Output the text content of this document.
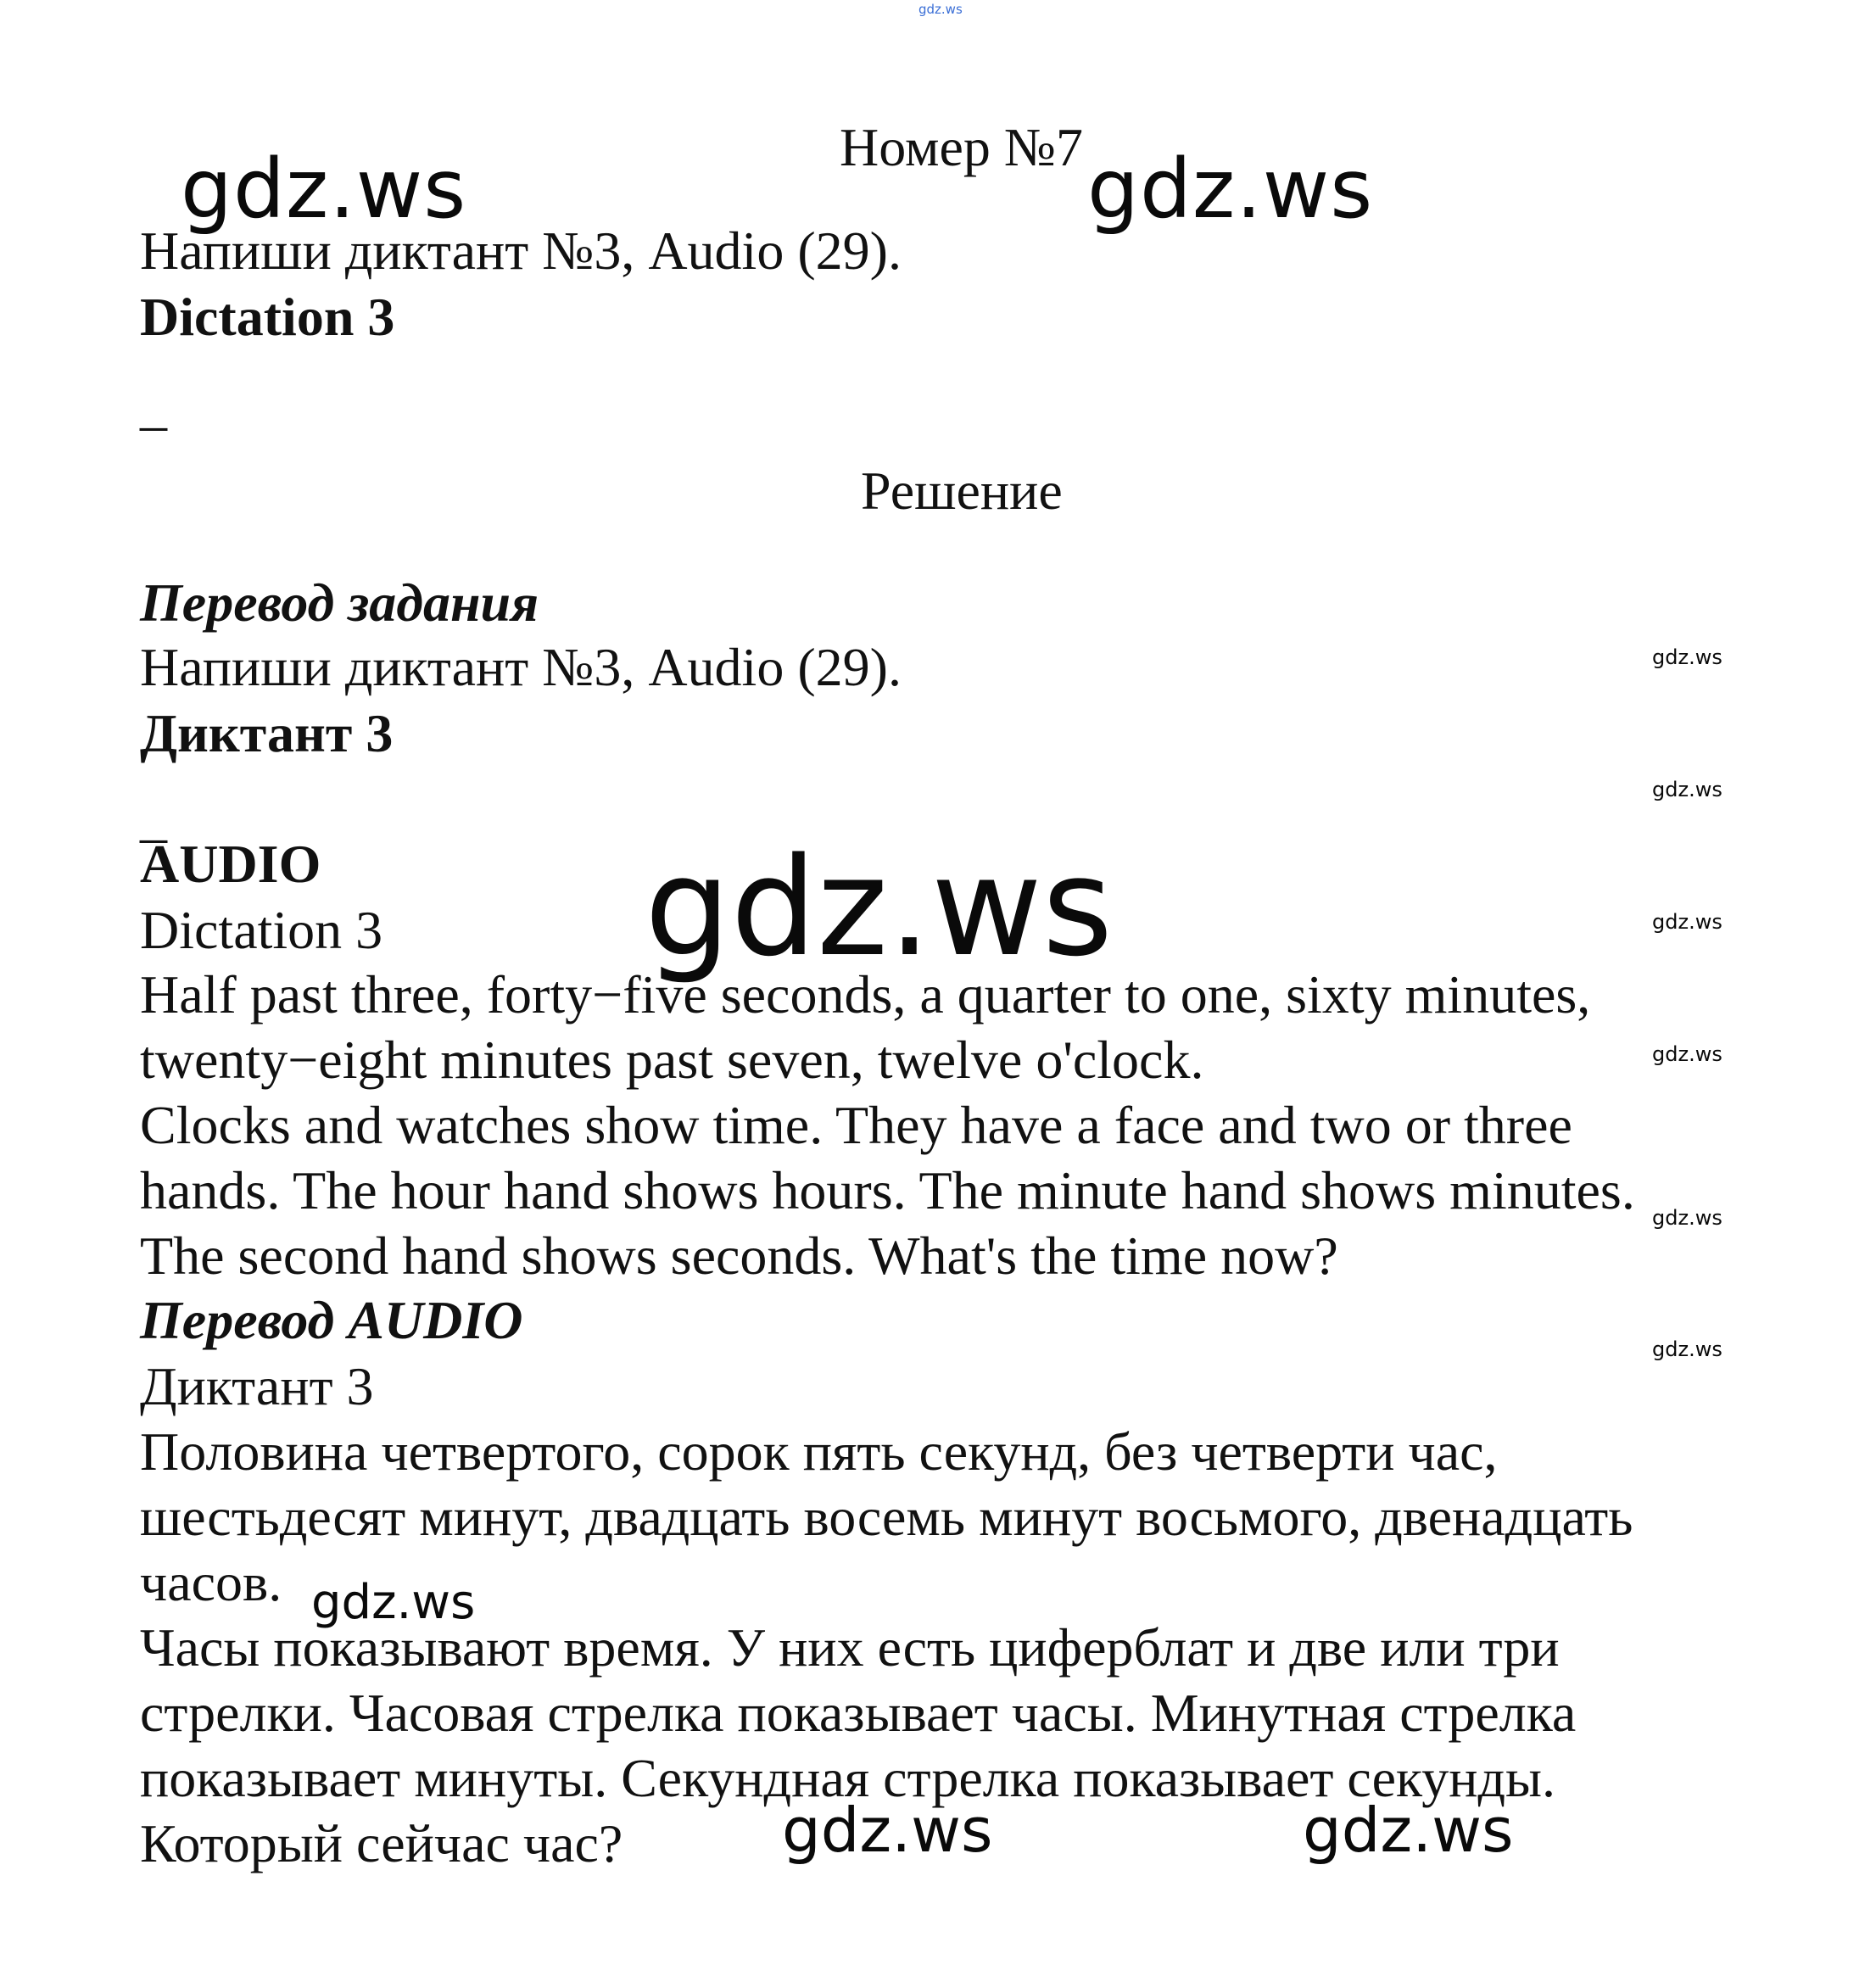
gdz.ws
Номер №7
gdz.ws	gdz.ws
Напиши диктант №3, Audio (29).
Dictation 3
_
Решение
Перевод задания
Напиши диктант №3, Audio (29).	gdz.ws
Диктант 3
gdz.ws
_
AUDIO gdz.ws
Dictation 3	gdz.ws
Half past three, forty−five seconds, a quarter to one, sixty minutes,
twenty−eight minutes past seven, twelve o'clock.	gdz.ws
Clocks and watches show time. They have a face and two or three
hands. The hour hand shows hours. The minute hand shows minutes. gdz.ws
The second hand shows seconds. What's the time now?
Перевод AUDIO	gdz.ws
Диктант 3
Половина четвертого, сорок пять секунд, без четверти час,
шестьдесят минут, двадцать восемь минут восьмого, двенадцать
часов. gdz.ws
Часы показывают время. У них есть циферблат и две или три
стрелки. Часовая стрелка показывает часы. Минутная стрелка
показывает минуты. Секундная стрелка показывает секунды.
Который сейчас час?	gdz.ws	gdz.ws
